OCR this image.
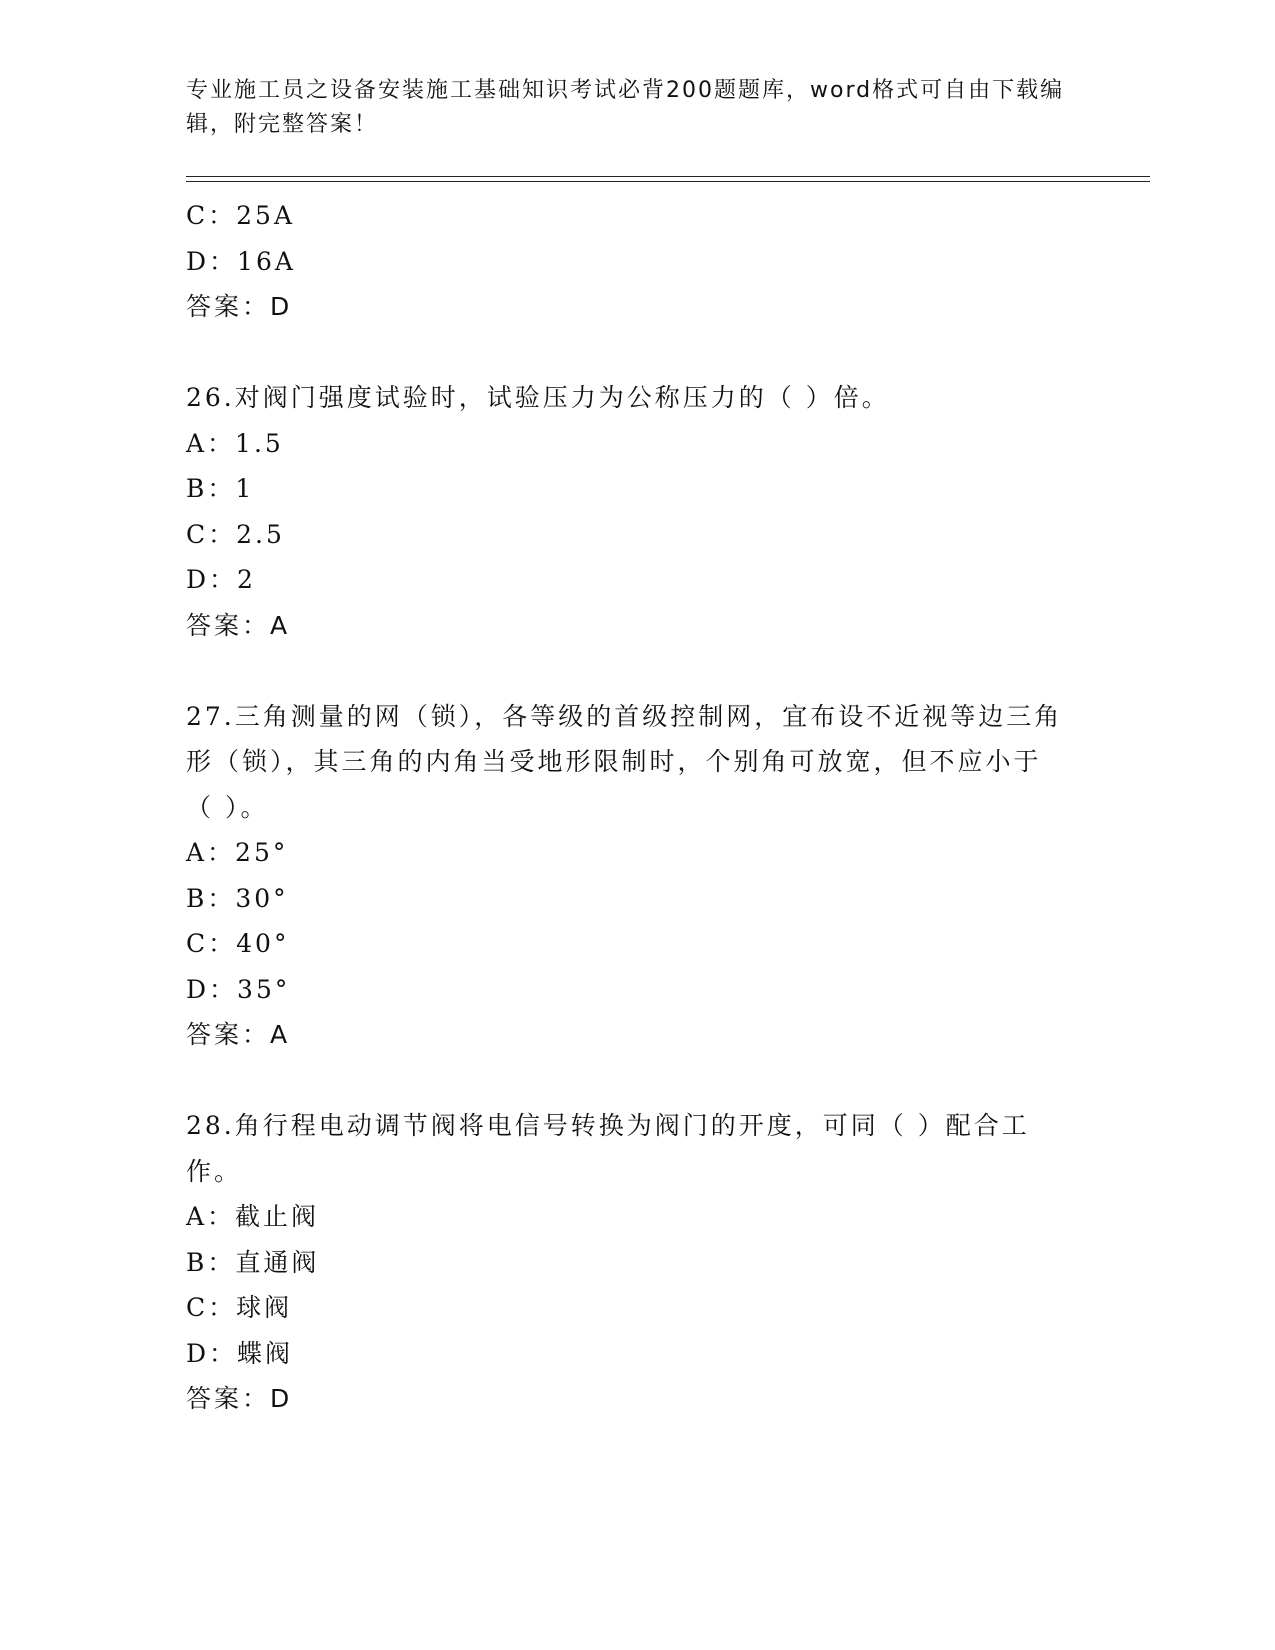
专业施工员之设备安装施工基础知识考试必背200题题库，word格式可自由下载编辑，附完整答案！
C：25A
D：16A
答案：D
26.对阀门强度试验时，试验压力为公称压力的（ ）倍。
A：1.5
B：1
C：2.5
D：2
答案：A
27.三角测量的网（锁），各等级的首级控制网，宜布设不近视等边三角形（锁），其三角的内角当受地形限制时，个别角可放宽，但不应小于（ ）。
A：25°
B：30°
C：40°
D：35°
答案：A
28.角行程电动调节阀将电信号转换为阀门的开度，可同（ ）配合工作。
A：截止阀
B：直通阀
C：球阀
D：蝶阀
答案：D
